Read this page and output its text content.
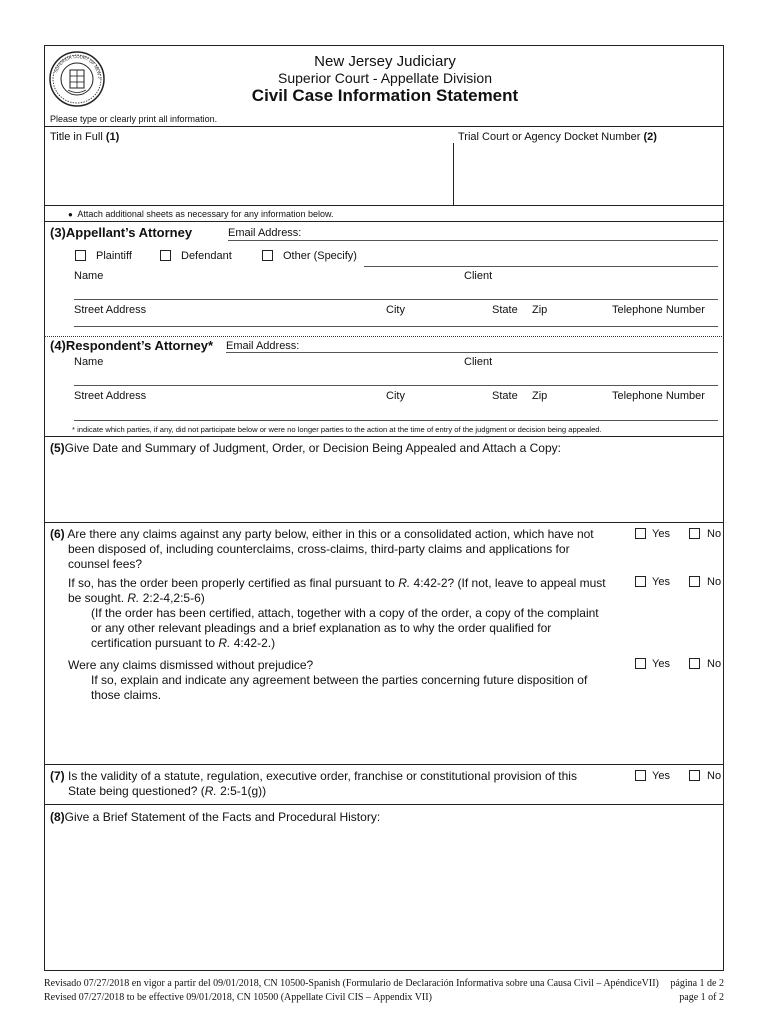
SUPERIOR COURT OF NEW J
New Jersey Judiciary
Superior Court - Appellate Division
Civil Case Information Statement
Please type or clearly print all information.
Title in Full (1)	Trial Court or Agency Docket Number (2)
● Attach additional sheets as necessary for any information below.
(3)Appellant’s Attorney	Email Address:
Plaintiff	Defendant	Other (Specify)
Name	Client
Street Address	City	State Zip	Telephone Number
(4)Respondent’s Attorney* Email Address:
Name	Client
Street Address	City	State Zip	Telephone Number
* indicate which parties, if any, did not participate below or were no longer parties to the action at the time of entry of the judgment or decision being appealed.
(5)Give Date and Summary of Judgment, Order, or Decision Being Appealed and Attach a Copy:
(6) Are there any claims against any party below, either in this or a consolidated action, which have not
been disposed of, including counterclaims, cross-claims, third-party claims and applications for
counsel fees?
Yes	No
If so, has the order been properly certified as final pursuant to R. 4:42-2? (If not, leave to appeal must
be sought. R. 2:2-4,2:5-6)
(If the order has been certified, attach, together with a copy of the order, a copy of the complaint
or any other relevant pleadings and a brief explanation as to why the order qualified for
certification pursuant to R. 4:42-2.)
Yes	No
Were any claims dismissed without prejudice?
If so, explain and indicate any agreement between the parties concerning future disposition of
those claims.
Yes	No
(7) Is the validity of a statute, regulation, executive order, franchise or constitutional provision of this
State being questioned? (R. 2:5-1(g))
Yes	No
(8)Give a Brief Statement of the Facts and Procedural History:
Revisado 07/27/2018 en vigor a partir del 09/01/2018, CN 10500-Spanish (Formulario de Declaración Informativa sobre una Causa Civil – ApéndiceVII) página 1 de 2
Revised 07/27/2018 to be effective 09/01/2018, CN 10500 (Appellate Civil CIS – Appendix VII)	page 1 of 2
